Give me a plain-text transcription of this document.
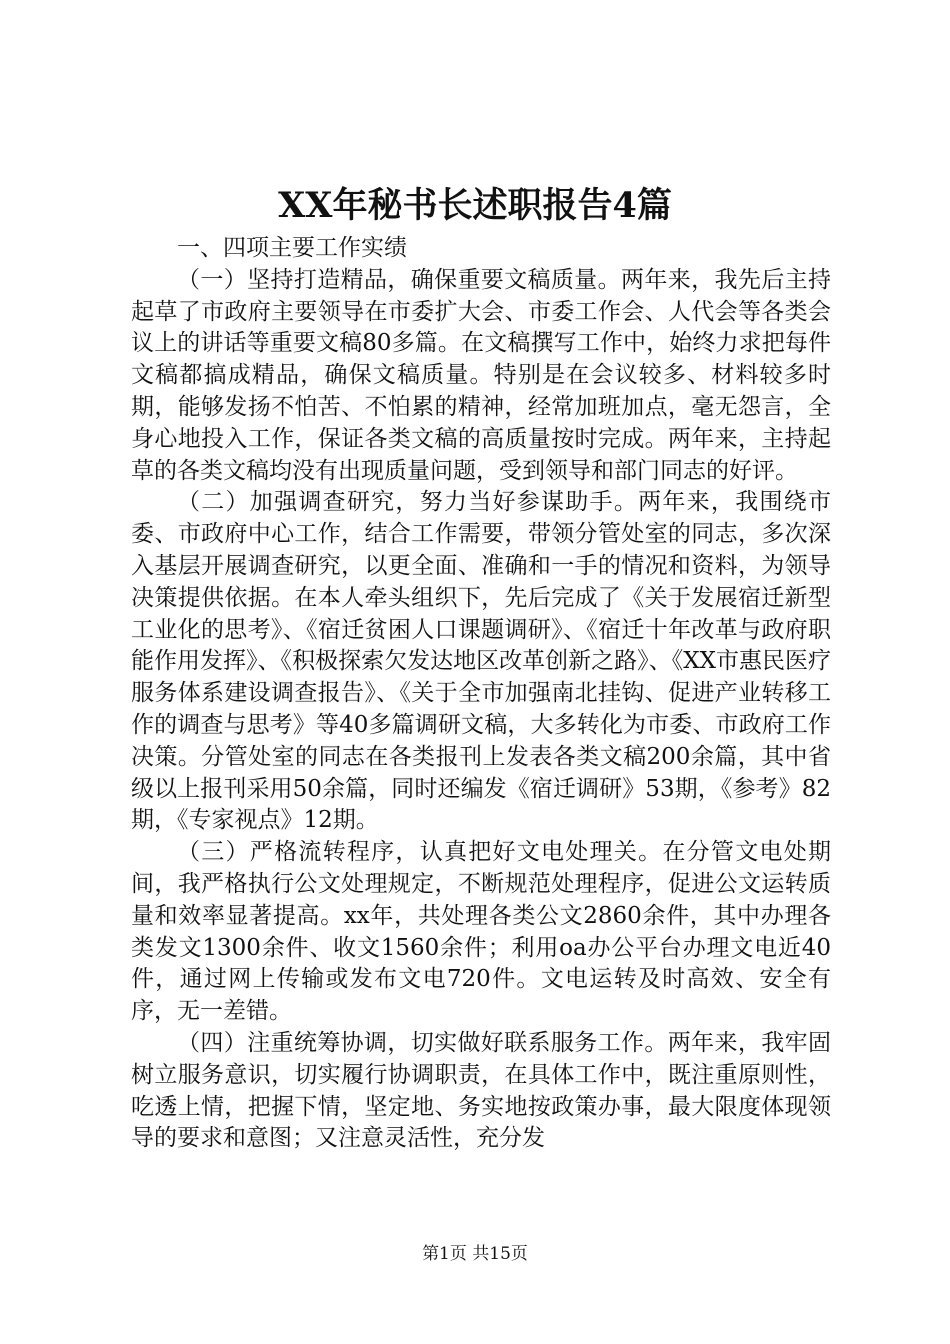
XX年秘书长述职报告4篇

一、四项主要工作实绩

（一）坚持打造精品，确保重要文稿质量。两年来，我先后主持起草了市政府主要领导在市委扩大会、市委工作会、人代会等各类会议上的讲话等重要文稿80多篇。在文稿撰写工作中，始终力求把每件文稿都搞成精品，确保文稿质量。特别是在会议较多、材料较多时期，能够发扬不怕苦、不怕累的精神，经常加班加点，毫无怨言，全身心地投入工作，保证各类文稿的高质量按时完成。两年来，主持起草的各类文稿均没有出现质量问题，受到领导和部门同志的好评。

（二）加强调查研究，努力当好参谋助手。两年来，我围绕市委、市政府中心工作，结合工作需要，带领分管处室的同志，多次深入基层开展调查研究，以更全面、准确和一手的情况和资料，为领导决策提供依据。在本人牵头组织下，先后完成了《关于发展宿迁新型工业化的思考》、《宿迁贫困人口课题调研》、《宿迁十年改革与政府职能作用发挥》、《积极探索欠发达地区改革创新之路》、《XX市惠民医疗服务体系建设调查报告》、《关于全市加强南北挂钩、促进产业转移工作的调查与思考》等40多篇调研文稿，大多转化为市委、市政府工作决策。分管处室的同志在各类报刊上发表各类文稿200余篇，其中省级以上报刊采用50余篇，同时还编发《宿迁调研》53期，《参考》82期，《专家视点》12期。

（三）严格流转程序，认真把好文电处理关。在分管文电处期间，我严格执行公文处理规定，不断规范处理程序，促进公文运转质量和效率显著提高。xx年，共处理各类公文2860余件，其中办理各类发文1300余件、收文1560余件；利用oa办公平台办理文电近40件，通过网上传输或发布文电720件。文电运转及时高效、安全有序，无一差错。

（四）注重统筹协调，切实做好联系服务工作。两年来，我牢固树立服务意识，切实履行协调职责，在具体工作中，既注重原则性，吃透上情，把握下情，坚定地、务实地按政策办事，最大限度体现领导的要求和意图；又注意灵活性，充分发

第1页 共15页
